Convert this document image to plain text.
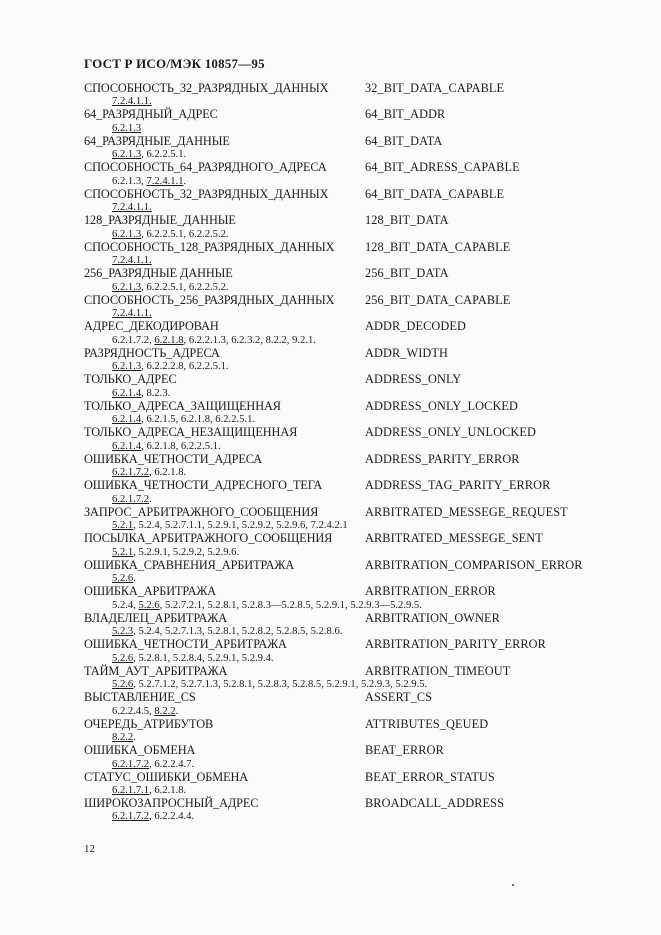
ГОСТ Р ИСО/МЭК 10857—95
СПОСОБНОСТЬ_32_РАЗРЯДНЫХ_ДАННЫХ	32_BIT_DATA_CAPABLE
7.2.4.1.1.
64_РАЗРЯДНЫЙ_АДРЕС	64_BIT_ADDR
6.2.1.3
64_РАЗРЯДНЫЕ_ДАННЫЕ	64_BIT_DATA
6.2.1.3, 6.2.2.5.1.
СПОСОБНОСТЬ_64_РАЗРЯДНОГО_АДРЕСА	64_BIT_ADRESS_CAPABLE
6.2.1.3, 7.2.4.1.1.
СПОСОБНОСТЬ_32_РАЗРЯДНЫХ_ДАННЫХ	64_BIT_DATA_CAPABLE
7.2.4.1.1.
128_РАЗРЯДНЫЕ_ДАННЫЕ	128_BIT_DATA
6.2.1.3, 6.2.2.5.1, 6.2.2.5.2.
СПОСОБНОСТЬ_128_РАЗРЯДНЫХ_ДАННЫХ 128_BIT_DATA_CAPABLE
7.2.4.1.1.
256_РАЗРЯДНЫЕ ДАННЫЕ	256_BIT_DATA
6.2.1.3, 6.2.2.5.1, 6.2.2.5.2.
СПОСОБНОСТЬ_256_РАЗРЯДНЫХ_ДАННЫХ 256_BIT_DATA_CAPABLE
7.2.4.1.1.
АДРЕС_ДЕКОДИРОВАН	ADDR_DECODED
6.2.1.7.2, 6.2.1.8, 6.2.2.1.3, 6.2.3.2, 8.2.2, 9.2.1.
РАЗРЯДНОСТЬ_АДРЕСА	ADDR_WIDTH
6.2.1.3, 6.2.2.2.8, 6.2.2.5.1.
ТОЛЬКО_АДРЕС	ADDRESS_ONLY
6.2.1.4, 8.2.3.
ТОЛЬКО_АДРЕСА_ЗАЩИЩЕННАЯ	ADDRESS_ONLY_LOCKED
6.2.1.4, 6.2.1.5, 6.2.1.8, 6.2.2.5.1.
ТОЛЬКО_АДРЕСА_НЕЗАЩИЩЕННАЯ	ADDRESS_ONLY_UNLOCKED
6.2.1.4, 6.2.1.8, 6.2.2.5.1.
ОШИБКА_ЧЕТНОСТИ_АДРЕСА	ADDRESS_PARITY_ERROR
6.2.1.7.2, 6.2.1.8.
ОШИБКА_ЧЕТНОСТИ_АДРЕСНОГО_ТЕГА	ADDRESS_TAG_PARITY_ERROR
6.2.1.7.2.
ЗАПРОС_АРБИТРАЖНОГО_СООБЩЕНИЯ	ARBITRATED_MESSEGE_REQUEST
5.2.1, 5.2.4, 5.2.7.1.1, 5.2.9.1, 5.2.9.2, 5.2.9.6, 7.2.4.2.1
ПОСЫЛКА_АРБИТРАЖНОГО_СООБЩЕНИЯ	ARBITRATED_MESSEGE_SENT
5.2.1, 5.2.9.1, 5.2.9.2, 5.2.9.6.
ОШИБКА_СРАВНЕНИЯ_АРБИТРАЖА	ARBITRATION_COMPARISON_ERROR
5.2.6.
ОШИБКА_АРБИТРАЖА	ARBITRATION_ERROR
5.2.4, 5.2.6, 5.2.7.2.1, 5.2.8.1, 5.2.8.3—5.2.8.5, 5.2.9.1, 5.2.9.3—5.2.9.5.
ВЛАДЕЛЕЦ_АРБИТРАЖА	ARBITRATION_OWNER
5.2.3, 5.2.4, 5.2.7.1.3, 5.2.8.1, 5.2.8.2, 5.2.8.5, 5.2.8.6.
ОШИБКА_ЧЕТНОСТИ_АРБИТРАЖА	ARBITRATION_PARITY_ERROR
5.2.6, 5.2.8.1, 5.2.8.4, 5.2.9.1, 5.2.9.4.
ТАЙМ_АУТ_АРБИТРАЖА	ARBITRATION_TIMEOUT
5.2.6, 5.2.7.1.2, 5.2.7.1.3, 5.2.8.1, 5.2.8.3, 5.2.8.5, 5.2.9.1, 5.2.9.3, 5.2.9.5.
ВЫСТАВЛЕНИЕ_CS	ASSERT_CS
6.2.2.4.5, 8.2.2.
ОЧЕРЕДЬ_АТРИБУТОВ	ATTRIBUTES_QEUED
8.2.2.
ОШИБКА_ОБМЕНА	BEAT_ERROR
6.2.1.7.2, 6.2.2.4.7.
СТАТУС_ОШИБКИ_ОБМЕНА	BEAT_ERROR_STATUS
6.2.1.7.1, 6.2.1.8.
ШИРОКОЗАПРОСНЫЙ_АДРЕС	BROADCALL_ADDRESS
6.2.1.7.2, 6.2.2.4.4.
12
